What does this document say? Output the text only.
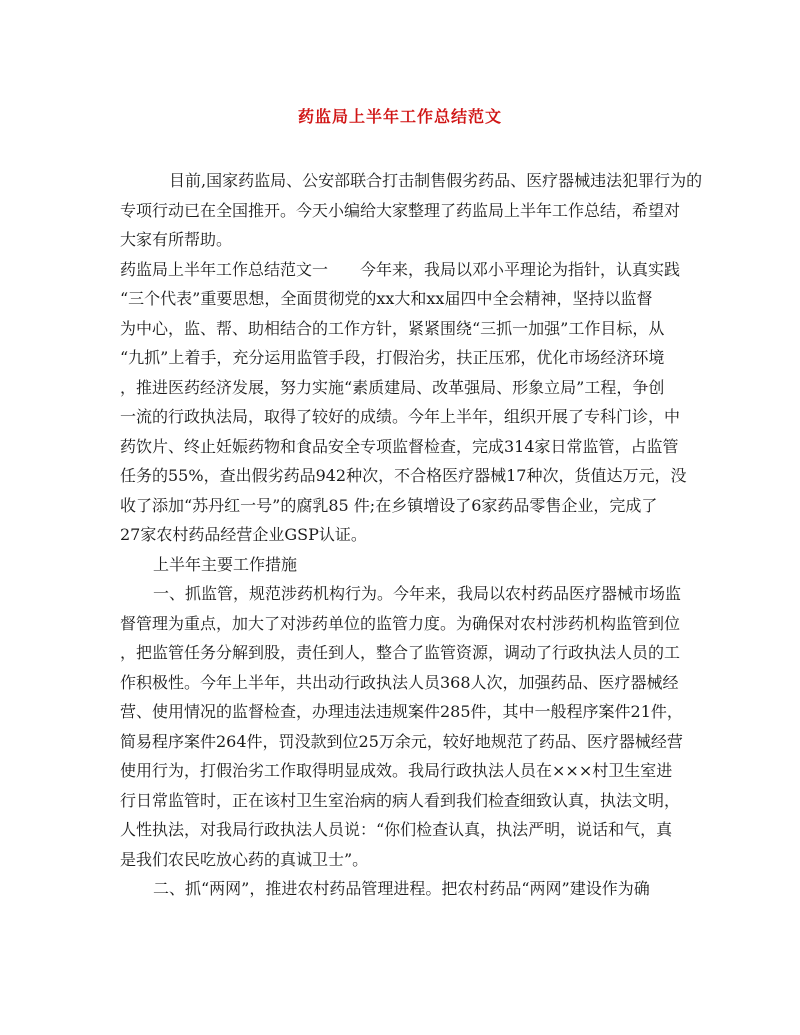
药监局上半年工作总结范文
目前,国家药监局、公安部联合打击制售假劣药品、医疗器械违法犯罪行为的
专项行动已在全国推开。今天小编给大家整理了药监局上半年工作总结，希望对
大家有所帮助。
药监局上半年工作总结范文一　　今年来，我局以邓小平理论为指针，认真实践
“三个代表”重要思想，全面贯彻党的xx大和xx届四中全会精神，坚持以监督
为中心，监、帮、助相结合的工作方针，紧紧围绕“三抓一加强”工作目标，从
“九抓”上着手，充分运用监管手段，打假治劣，扶正压邪，优化市场经济环境
，推进医药经济发展，努力实施“素质建局、改革强局、形象立局”工程，争创
一流的行政执法局，取得了较好的成绩。今年上半年，组织开展了专科门诊，中
药饮片、终止妊娠药物和食品安全专项监督检查，完成314家日常监管，占监管
任务的55%，查出假劣药品942种次，不合格医疗器械17种次，货值达万元，没
收了添加“苏丹红一号”的腐乳85 件;在乡镇增设了6家药品零售企业，完成了
27家农村药品经营企业GSP认证。
上半年主要工作措施
一、抓监管，规范涉药机构行为。今年来，我局以农村药品医疗器械市场监
督管理为重点，加大了对涉药单位的监管力度。为确保对农村涉药机构监管到位
，把监管任务分解到股，责任到人，整合了监管资源，调动了行政执法人员的工
作积极性。今年上半年，共出动行政执法人员368人次，加强药品、医疗器械经
营、使用情况的监督检查，办理违法违规案件285件，其中一般程序案件21件，
简易程序案件264件，罚没款到位25万余元，较好地规范了药品、医疗器械经营
使用行为，打假治劣工作取得明显成效。我局行政执法人员在×××村卫生室进
行日常监管时，正在该村卫生室治病的病人看到我们检查细致认真，执法文明，
人性执法，对我局行政执法人员说：“你们检查认真，执法严明，说话和气，真
是我们农民吃放心药的真诚卫士”。
二、抓“两网”，推进农村药品管理进程。把农村药品“两网”建设作为确
